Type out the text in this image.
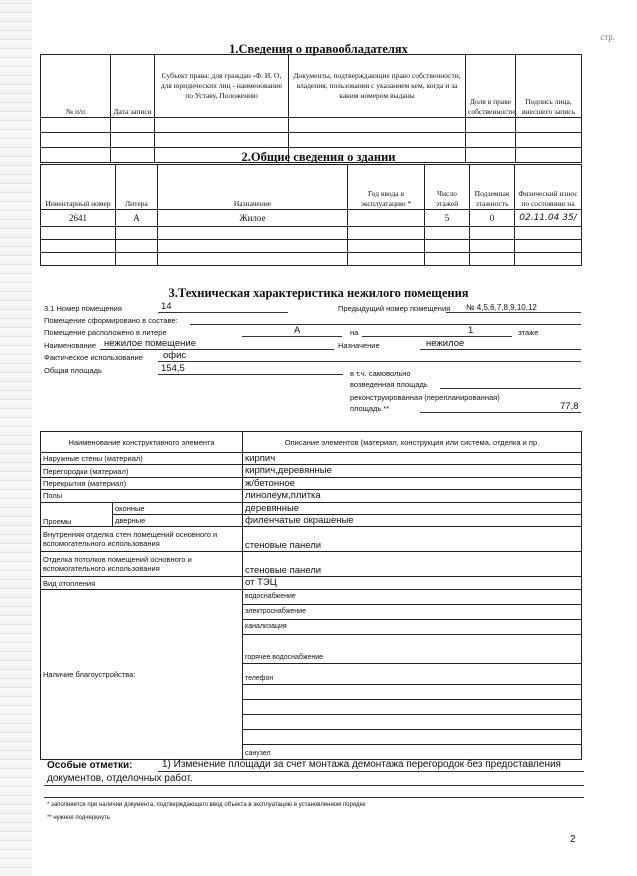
стр.
1.Сведения о правообладателях
№ п/п	Дата записи	Субъект права: для граждан -Ф. И. О, для юридических лиц - наименование по Уставу, Положению	Документы, подтверждающие право собственности, владения, пользования с указанием кем, когда и за каким номером выданы	Доля в праве собственности	Подпись лица, внесшего запись

2.Общие сведения о здании
Инвентарный номер	Литера	Назначение	Год ввода в эксплуатацию *	Число этажей	Подземная этажность	Физический износ по состоянию на
2641	А	Жилое		5	0	02.11.04 35/

3.Техническая характеристика нежилого помещения
3.1 Номер помещения	14	Предыдущий номер помещения № 4,5,6,7,8,9,10,12
Помещение сформировано в составе:
Помещение расположено в литере	А	на	1	этаже
Наименование нежилое помещение	Назначение	нежилое
Фактическое использование офис
Общая площадь	154,5	в т.ч. самовольно
возведенная площадь
реконструированная (перепланированная)
площадь **	77,8
Наименование конструктивного элемента		Описание элементов (материал, конструкция или система, отделка и пр.
Наружные стены (материал)		кирпич
Перегородки (материал)		кирпич,деревянные
Перекрытия (материал)		ж/бетонное
Полы		линолеум,плитка
Проемы	оконные	деревянные
	дверные	филенчатые окрашеные
Внутренняя отделка стен помещений основного и вспомогательного использования		стеновые панели
Отделка потолков помещений основного и вспомогательного использования		стеновые панели
Вид отопления		от ТЭЦ
Наличие благоустройства:		водоснабжение
		электроснабжение
		канализация
		горячее водоснабжение
		телефон

		санузел
Особые отметки:	1) Изменение площади за счет монтажа демонтажа перегородок без предоставления
документов, отделочных работ.
* заполняется при наличии документа, подтверждающего ввод объекта в эксплуатацию в установленном порядке
** нужное подчеркнуть
2
